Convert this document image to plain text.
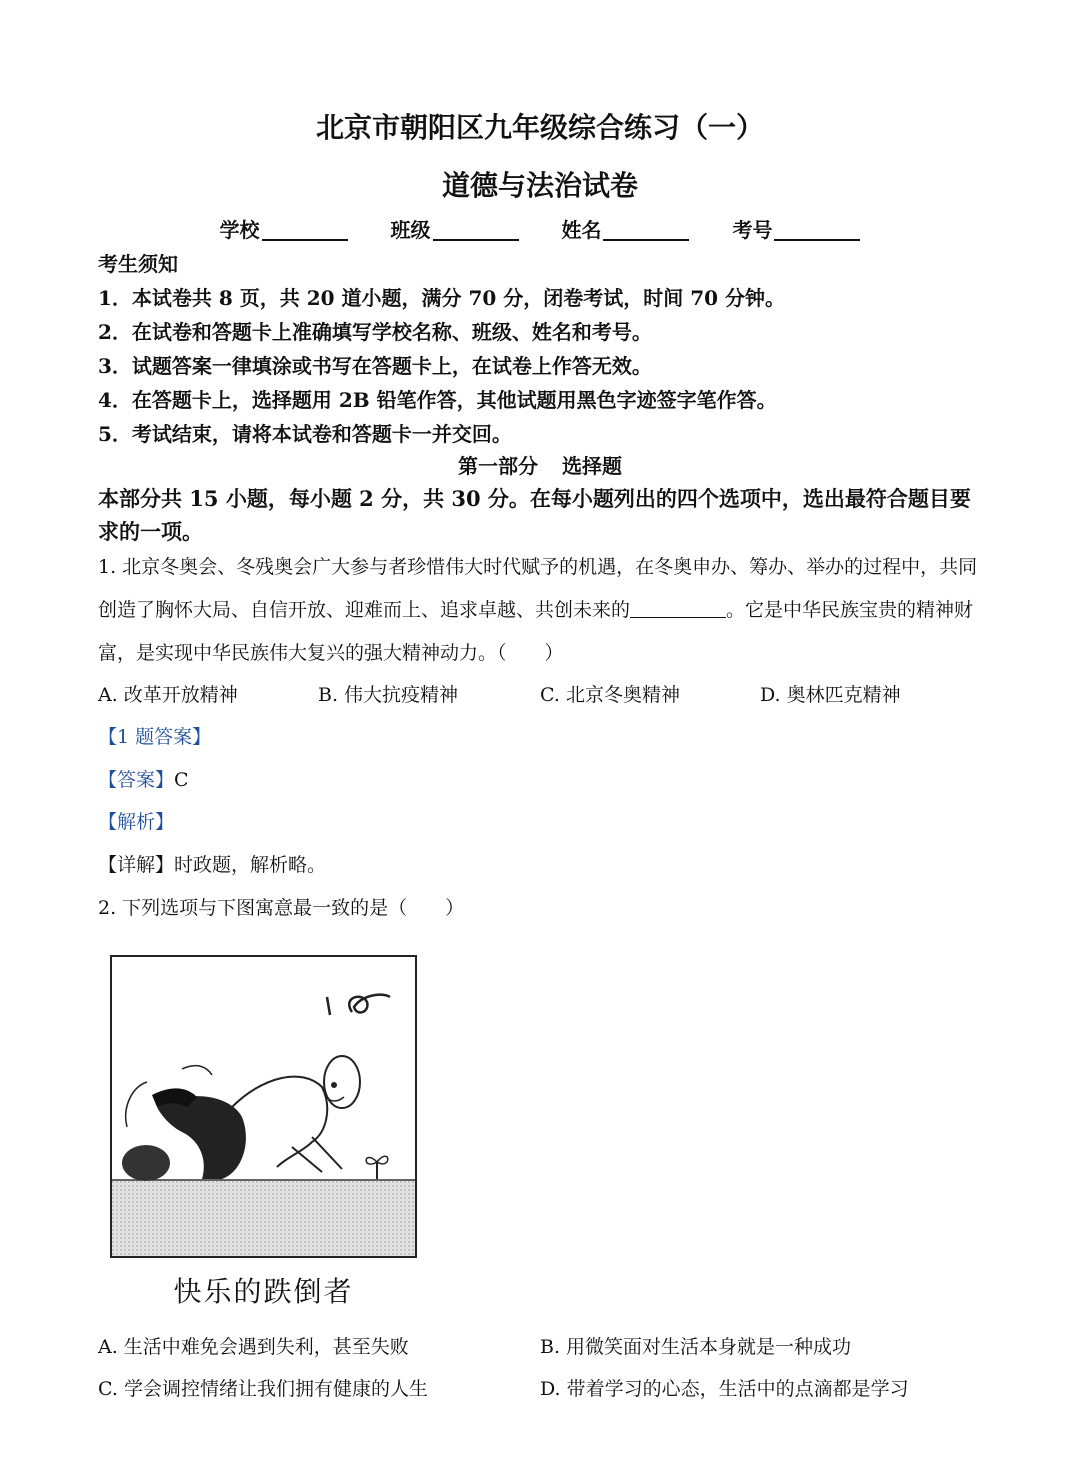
北京市朝阳区九年级综合练习（一）
道德与法治试卷
学校	班级	姓名	考号
考生须知
1．本试卷共 8 页，共 20 道小题，满分 70 分，闭卷考试，时间 70 分钟。
2．在试卷和答题卡上准确填写学校名称、班级、姓名和考号。
3．试题答案一律填涂或书写在答题卡上，在试卷上作答无效。
4．在答题卡上，选择题用 2B 铅笔作答，其他试题用黑色字迹签字笔作答。
5．考试结束，请将本试卷和答题卡一并交回。
第一部分 选择题
本部分共 15 小题，每小题 2 分，共 30 分。在每小题列出的四个选项中，选出最符合题目要求的一项。
1. 北京冬奥会、冬残奥会广大参与者珍惜伟大时代赋予的机遇，在冬奥申办、筹办、举办的过程中，共同
创造了胸怀大局、自信开放、迎难而上、追求卓越、共创未来的	。它是中华民族宝贵的精神财
富，是实现中华民族伟大复兴的强大精神动力。（　　）
A. 改革开放精神	B. 伟大抗疫精神	C. 北京冬奥精神	D. 奥林匹克精神
【1 题答案】
【答案】C
【解析】
【详解】时政题，解析略。
2. 下列选项与下图寓意最一致的是（　　）
快乐的跌倒者
A. 生活中难免会遇到失利，甚至失败	B. 用微笑面对生活本身就是一种成功
C. 学会调控情绪让我们拥有健康的人生	D. 带着学习的心态，生活中的点滴都是学习
